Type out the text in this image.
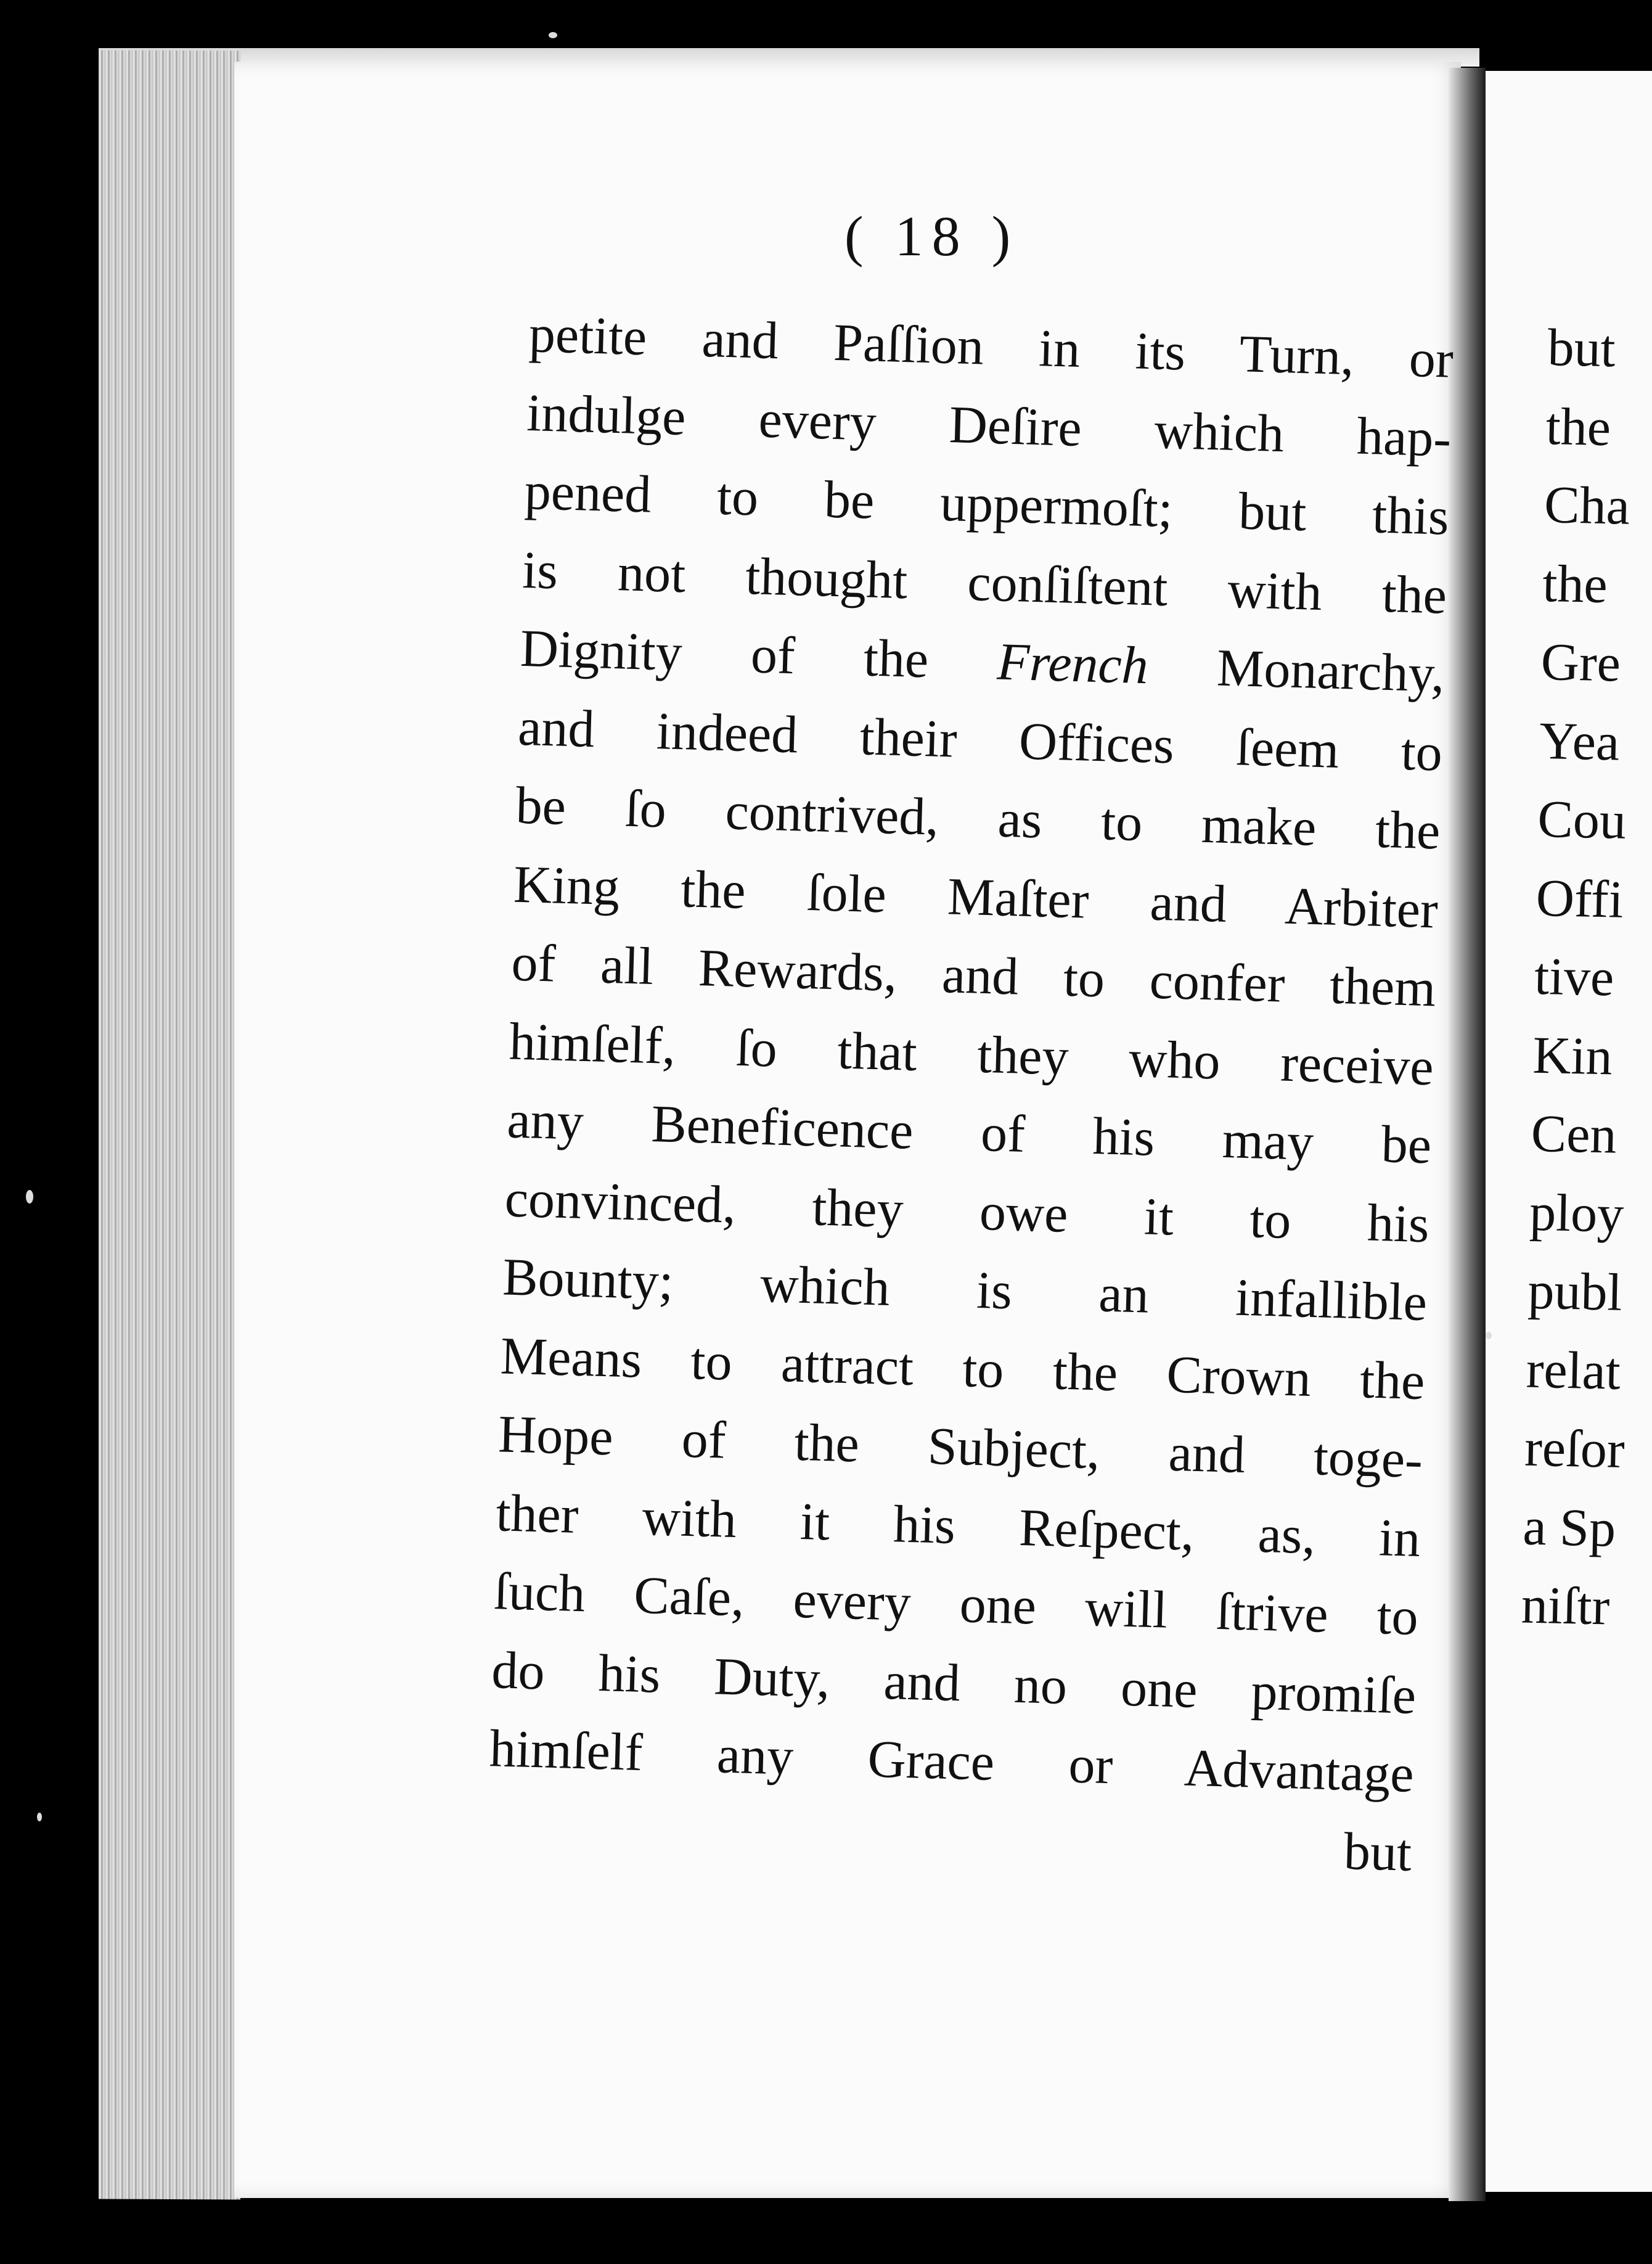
( 18 )
petite and Paſſion in its Turn, or
indulge every Deſire which hap-
pened to be uppermoſt; but this
is not thought conſiſtent with the
Dignity of the French Monarchy,
and indeed their Offices ſeem to
be ſo contrived, as to make the
King the ſole Maſter and Arbiter
of all Rewards, and to confer them
himſelf, ſo that they who receive
any Beneficence of his may be
convinced, they owe it to his
Bounty; which is an infallible
Means to attract to the Crown the
Hope of the Subject, and toge-
ther with it his Reſpect, as, in
ſuch Caſe, every one will ſtrive to
do his Duty, and no one promiſe
himſelf any Grace or Advantage
but
but
the
Cha
the
Gre
Yea
Cou
Offi
tive
Kin
Cen
ploy
publ
relat
reſor
a Sp
niſtr
